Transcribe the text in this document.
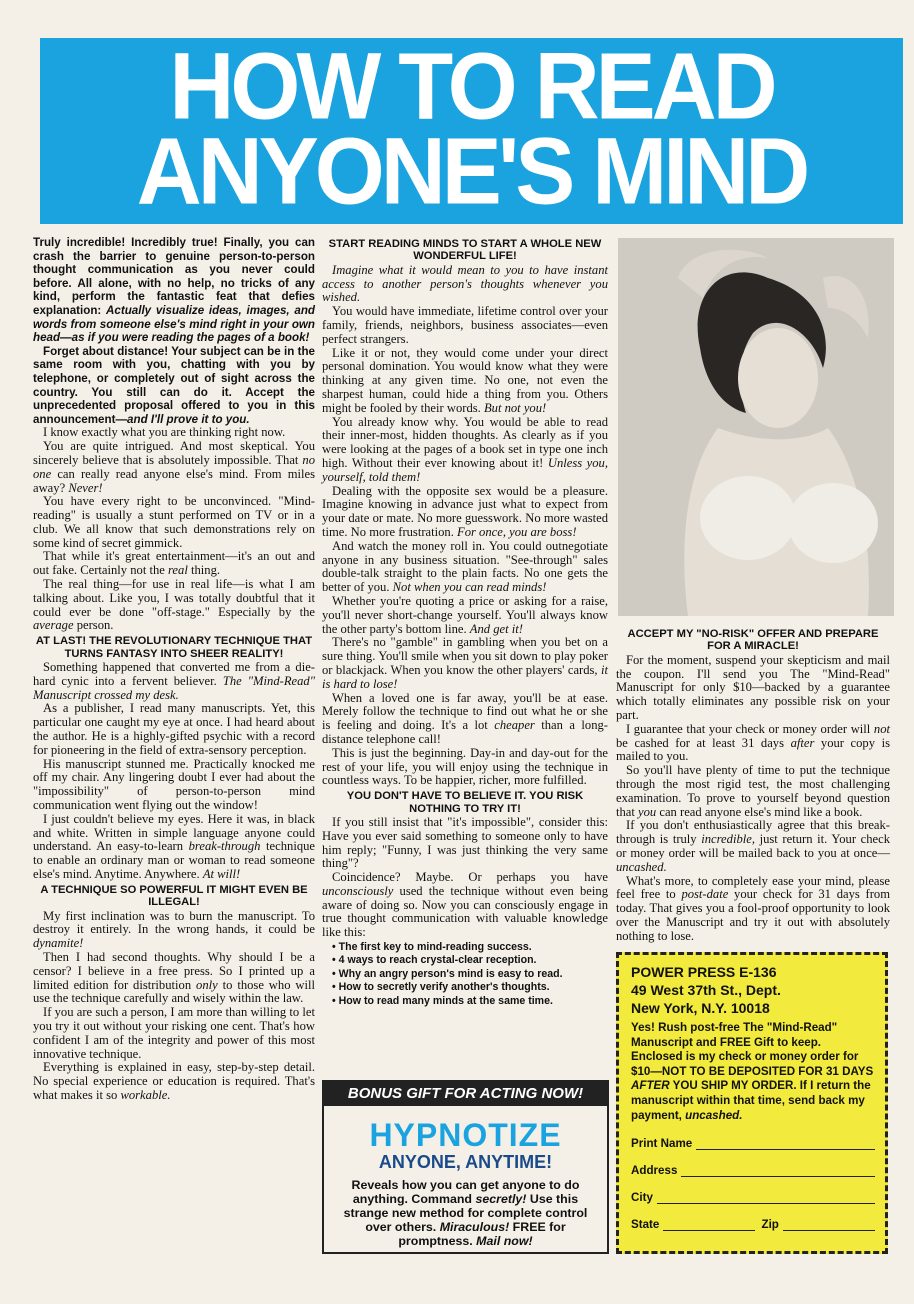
HOW TO READ
ANYONE'S MIND

Truly incredible! Incredibly true! Finally, you can crash the barrier to genuine person-to-person thought communication as you never could before. All alone, with no help, no tricks of any kind, perform the fantastic feat that defies explanation: Actually visualize ideas, images, and words from someone else's mind right in your own head—as if you were reading the pages of a book!

Forget about distance! Your subject can be in the same room with you, chatting with you by telephone, or completely out of sight across the country. You still can do it. Accept the unprecedented proposal offered to you in this announcement—and I'll prove it to you.

I know exactly what you are thinking right now.

You are quite intrigued. And most skeptical. You sincerely believe that is absolutely impossible. That no one can really read anyone else's mind. From miles away? Never!

You have every right to be unconvinced. "Mind-reading" is usually a stunt performed on TV or in a club. We all know that such demonstrations rely on some kind of secret gimmick.

That while it's great entertainment—it's an out and out fake. Certainly not the real thing.

The real thing—for use in real life—is what I am talking about. Like you, I was totally doubtful that it could ever be done "off-stage." Especially by the average person.

AT LAST! THE REVOLUTIONARY TECHNIQUE THAT TURNS FANTASY INTO SHEER REALITY!

Something happened that converted me from a die-hard cynic into a fervent believer. The "Mind-Read" Manuscript crossed my desk.

As a publisher, I read many manuscripts. Yet, this particular one caught my eye at once. I had heard about the author. He is a highly-gifted psychic with a record for pioneering in the field of extra-sensory perception.

His manuscript stunned me. Practically knocked me off my chair. Any lingering doubt I ever had about the "impossibility" of person-to-person mind communication went flying out the window!

I just couldn't believe my eyes. Here it was, in black and white. Written in simple language anyone could understand. An easy-to-learn break-through technique to enable an ordinary man or woman to read someone else's mind. Anytime. Anywhere. At will!

A TECHNIQUE SO POWERFUL IT MIGHT EVEN BE ILLEGAL!

My first inclination was to burn the manuscript. To destroy it entirely. In the wrong hands, it could be dynamite!

Then I had second thoughts. Why should I be a censor? I believe in a free press. So I printed up a limited edition for distribution only to those who will use the technique carefully and wisely within the law.

If you are such a person, I am more than willing to let you try it out without your risking one cent. That's how confident I am of the integrity and power of this most innovative technique.

Everything is explained in easy, step-by-step detail. No special experience or education is required. That's what makes it so workable.

START READING MINDS TO START A WHOLE NEW WONDERFUL LIFE!

Imagine what it would mean to you to have instant access to another person's thoughts whenever you wished.

You would have immediate, lifetime control over your family, friends, neighbors, business associates—even perfect strangers.

Like it or not, they would come under your direct personal domination. You would know what they were thinking at any given time. No one, not even the sharpest human, could hide a thing from you. Others might be fooled by their words. But not you!

You already know why. You would be able to read their inner-most, hidden thoughts. As clearly as if you were looking at the pages of a book set in type one inch high. Without their ever knowing about it! Unless you, yourself, told them!

Dealing with the opposite sex would be a pleasure. Imagine knowing in advance just what to expect from your date or mate. No more guesswork. No more wasted time. No more frustration. For once, you are boss!

And watch the money roll in. You could outnegotiate anyone in any business situation. "See-through" sales double-talk straight to the plain facts. No one gets the better of you. Not when you can read minds!

Whether you're quoting a price or asking for a raise, you'll never short-change yourself. You'll always know the other party's bottom line. And get it!

There's no "gamble" in gambling when you bet on a sure thing. You'll smile when you sit down to play poker or blackjack. When you know the other players' cards, it is hard to lose!

When a loved one is far away, you'll be at ease. Merely follow the technique to find out what he or she is feeling and doing. It's a lot cheaper than a long-distance telephone call!

This is just the beginning. Day-in and day-out for the rest of your life, you will enjoy using the technique in countless ways. To be happier, richer, more fulfilled.

YOU DON'T HAVE TO BELIEVE IT. YOU RISK NOTHING TO TRY IT!

If you still insist that "it's impossible", consider this: Have you ever said something to someone only to have him reply; "Funny, I was just thinking the very same thing"?

Coincidence? Maybe. Or perhaps you have unconsciously used the technique without even being aware of doing so. Now you can consciously engage in true thought communication with valuable knowledge like this:

• The first key to mind-reading success.
• 4 ways to reach crystal-clear reception.
• Why an angry person's mind is easy to read.
• How to secretly verify another's thoughts.
• How to read many minds at the same time.
BONUS GIFT FOR ACTING NOW!
HYPNOTIZE
ANYONE, ANYTIME!
Reveals how you can get anyone to do anything. Command secretly! Use this strange new method for complete control over others. Miraculous! FREE for promptness. Mail now!

ACCEPT MY "NO-RISK" OFFER AND PREPARE FOR A MIRACLE!

For the moment, suspend your skepticism and mail the coupon. I'll send you The "Mind-Read" Manuscript for only $10—backed by a guarantee which totally eliminates any possible risk on your part.

I guarantee that your check or money order will not be cashed for at least 31 days after your copy is mailed to you.

So you'll have plenty of time to put the technique through the most rigid test, the most challenging examination. To prove to yourself beyond question that you can read anyone else's mind like a book.

If you don't enthusiastically agree that this break-through is truly incredible, just return it. Your check or money order will be mailed back to you at once—uncashed.

What's more, to completely ease your mind, please feel free to post-date your check for 31 days from today. That gives you a fool-proof opportunity to look over the Manuscript and try it out with absolutely nothing to lose.

POWER PRESS E-136
49 West 37th St., Dept.
New York, N.Y. 10018
Yes! Rush post-free The "Mind-Read" Manuscript and FREE Gift to keep. Enclosed is my check or money order for $10—NOT TO BE DEPOSITED FOR 31 DAYS AFTER YOU SHIP MY ORDER. If I return the manuscript within that time, send back my payment, uncashed.
Print Name
Address
City
State	Zip
